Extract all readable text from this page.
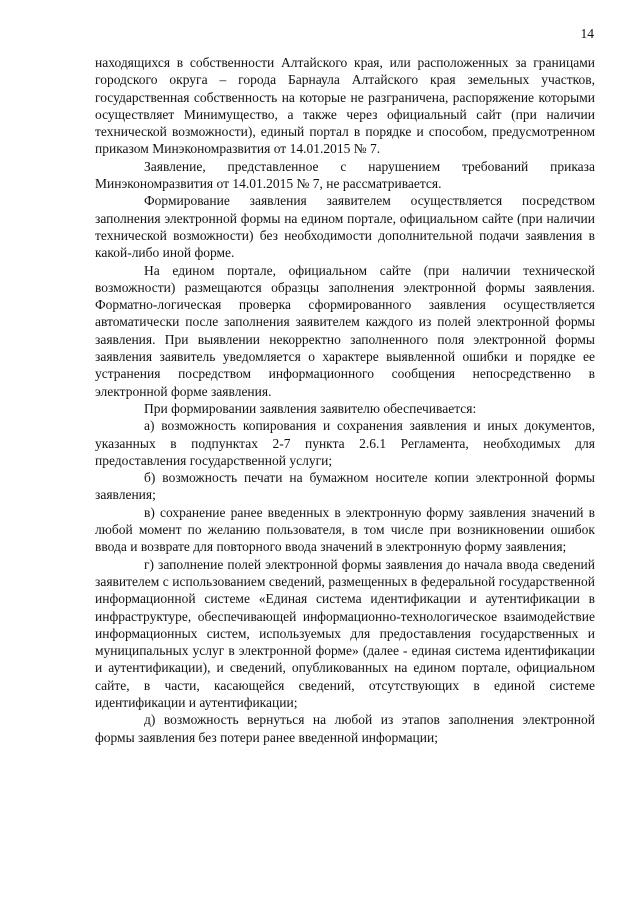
14

находящихся в собственности Алтайского края, или расположенных за границами городского округа – города Барнаула Алтайского края земельных участков, государственная собственность на которые не разграничена, распоряжение которыми осуществляет Минимущество, а также через официальный сайт (при наличии технической возможности), единый портал в порядке и способом, предусмотренном приказом Минэкономразвития от 14.01.2015 № 7.

Заявление, представленное с нарушением требований приказа Минэкономразвития от 14.01.2015 № 7, не рассматривается.

Формирование заявления заявителем осуществляется посредством заполнения электронной формы на едином портале, официальном сайте (при наличии технической возможности) без необходимости дополнительной подачи заявления в какой-либо иной форме.

На едином портале, официальном сайте (при наличии технической возможности) размещаются образцы заполнения электронной формы заявления. Форматно-логическая проверка сформированного заявления осуществляется автоматически после заполнения заявителем каждого из полей электронной формы заявления. При выявлении некорректно заполненного поля электронной формы заявления заявитель уведомляется о характере выявленной ошибки и порядке ее устранения посредством информационного сообщения непосредственно в электронной форме заявления.

При формировании заявления заявителю обеспечивается:

а) возможность копирования и сохранения заявления и иных документов, указанных в подпунктах 2-7 пункта 2.6.1 Регламента, необходимых для предоставления государственной услуги;

б) возможность печати на бумажном носителе копии электронной формы заявления;

в) сохранение ранее введенных в электронную форму заявления значений в любой момент по желанию пользователя, в том числе при возникновении ошибок ввода и возврате для повторного ввода значений в электронную форму заявления;

г) заполнение полей электронной формы заявления до начала ввода сведений заявителем с использованием сведений, размещенных в федеральной государственной информационной системе «Единая система идентификации и аутентификации в инфраструктуре, обеспечивающей информационно-технологическое взаимодействие информационных систем, используемых для предоставления государственных и муниципальных услуг в электронной форме» (далее - единая система идентификации и аутентификации), и сведений, опубликованных на едином портале, официальном сайте, в части, касающейся сведений, отсутствующих в единой системе идентификации и аутентификации;

д) возможность вернуться на любой из этапов заполнения электронной формы заявления без потери ранее введенной информации;
